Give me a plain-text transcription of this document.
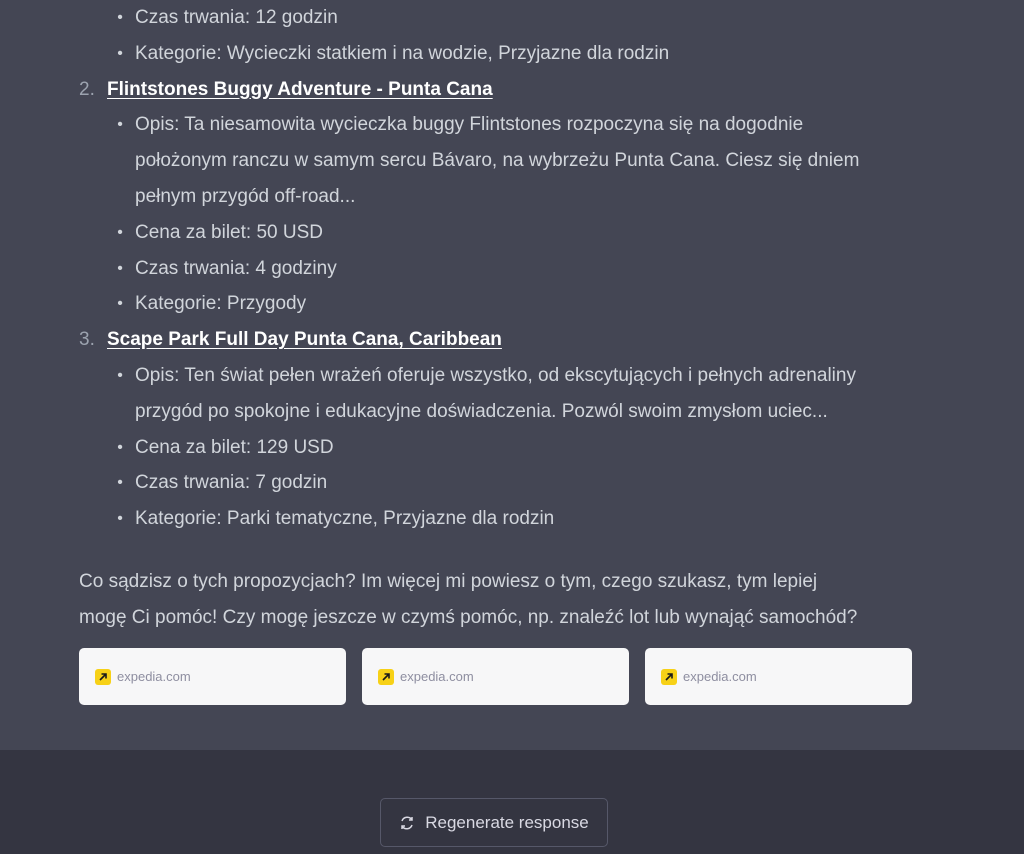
• Czas trwania: 12 godzin
• Kategorie: Wycieczki statkiem i na wodzie, Przyjazne dla rodzin
2. Flintstones Buggy Adventure - Punta Cana
• Opis: Ta niesamowita wycieczka buggy Flintstones rozpoczyna się na dogodnie
położonym ranczu w samym sercu Bávaro, na wybrzeżu Punta Cana. Ciesz się dniem
pełnym przygód off-road...
• Cena za bilet: 50 USD
• Czas trwania: 4 godziny
• Kategorie: Przygody
3. Scape Park Full Day Punta Cana, Caribbean
• Opis: Ten świat pełen wrażeń oferuje wszystko, od ekscytujących i pełnych adrenaliny
przygód po spokojne i edukacyjne doświadczenia. Pozwól swoim zmysłom uciec...
• Cena za bilet: 129 USD
• Czas trwania: 7 godzin
• Kategorie: Parki tematyczne, Przyjazne dla rodzin

Co sądzisz o tych propozycjach? Im więcej mi powiesz o tym, czego szukasz, tym lepiej
mogę Ci pomóc! Czy mogę jeszcze w czymś pomóc, np. znaleźć lot lub wynająć samochód?

expedia.com	expedia.com	expedia.com
Regenerate response
